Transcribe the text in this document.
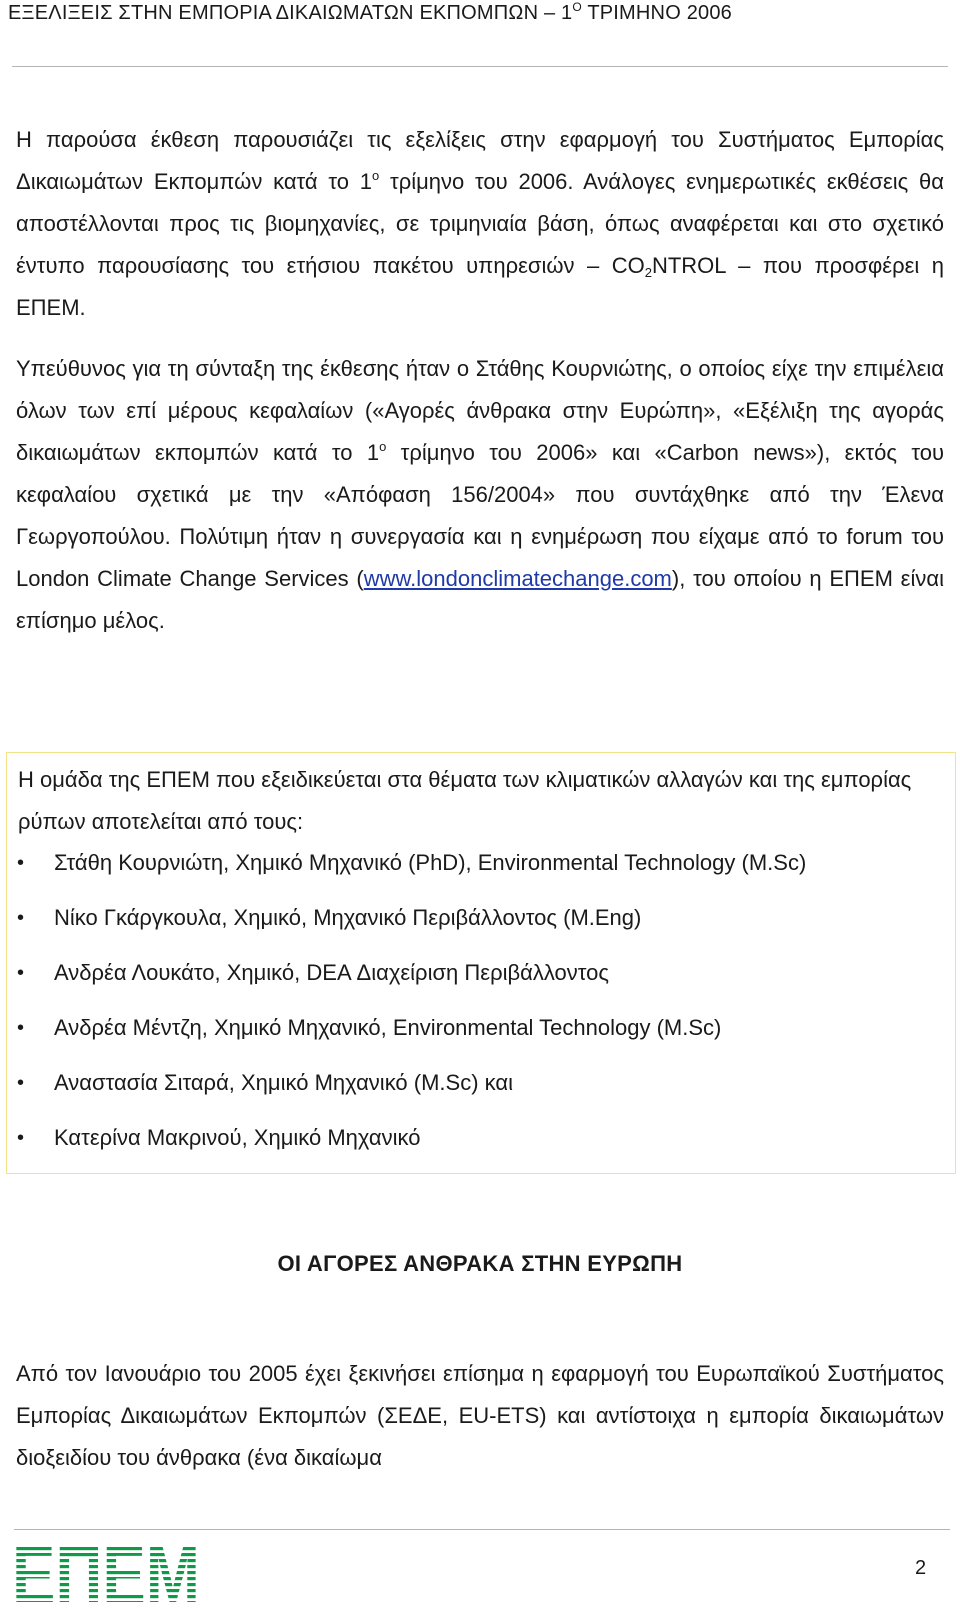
ΕΞΕΛΙΞΕΙΣ ΣΤΗΝ ΕΜΠΟΡΙΑ ΔΙΚΑΙΩΜΑΤΩΝ ΕΚΠΟΜΠΩΝ – $1^O$ ΤΡΙΜΗΝΟ 2006
Η παρούσα έκθεση παρουσιάζει τις εξελίξεις στην εφαρμογή του Συστήματος Εμπορίας Δικαιωμάτων Εκπομπών κατά το $1^o$ τρίμηνο του 2006. Ανάλογες ενημερωτικές εκθέσεις θα αποστέλλονται προς τις βιομηχανίες, σε τριμηνιαία βάση, όπως αναφέρεται και στο σχετικό έντυπο παρουσίασης του ετήσιου πακέτου υπηρεσιών – $CO_2NTROL$ – που προσφέρει η ΕΠΕΜ.
Υπεύθυνος για τη σύνταξη της έκθεσης ήταν ο Στάθης Κουρνιώτης, ο οποίος είχε την επιμέλεια όλων των επί μέρους κεφαλαίων («Αγορές άνθρακα στην Ευρώπη», «Εξέλιξη της αγοράς δικαιωμάτων εκπομπών κατά το $1^o$ τρίμηνο του 2006» και «Carbon news»), εκτός του κεφαλαίου σχετικά με την «Απόφαση 156/2004» που συντάχθηκε από την Έλενα Γεωργοπούλου. Πολύτιμη ήταν η συνεργασία και η ενημέρωση που είχαμε από το forum του London Climate Change Services (www.londonclimatechange.com), του οποίου η ΕΠΕΜ είναι επίσημο μέλος.
Η ομάδα της ΕΠΕΜ που εξειδικεύεται στα θέματα των κλιματικών αλλαγών και της εμπορίας ρύπων αποτελείται από τους:
• Στάθη Κουρνιώτη, Χημικό Μηχανικό (PhD), Environmental Technology (M.Sc)
• Νίκο Γκάργκουλα, Χημικό, Μηχανικό Περιβάλλοντος (M.Eng)
• Ανδρέα Λουκάτο, Χημικό, DEA Διαχείριση Περιβάλλοντος
• Ανδρέα Μέντζη, Χημικό Μηχανικό, Environmental Technology (M.Sc)
• Αναστασία Σιταρά, Χημικό Μηχανικό (M.Sc) και
• Κατερίνα Μακρινού, Χημικό Μηχανικό
ΟΙ ΑΓΟΡΕΣ ΑΝΘΡΑΚΑ ΣΤΗΝ ΕΥΡΩΠΗ
Από τον Ιανουάριο του 2005 έχει ξεκινήσει επίσημα η εφαρμογή του Ευρωπαϊκού Συστήματος Εμπορίας Δικαιωμάτων Εκπομπών (ΣΕΔΕ, EU-ETS) και αντίστοιχα η εμπορία δικαιωμάτων διοξειδίου του άνθρακα (ένα δικαίωμα
2
